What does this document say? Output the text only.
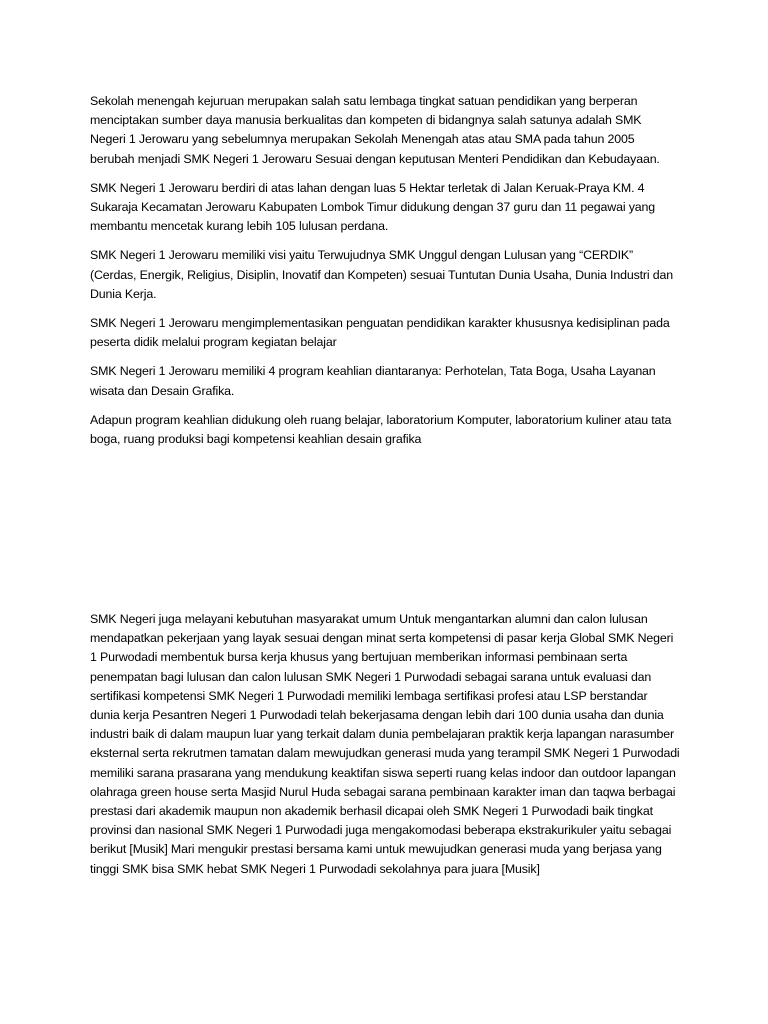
Sekolah menengah kejuruan merupakan salah satu lembaga tingkat satuan pendidikan yang berperan menciptakan sumber daya manusia berkualitas dan kompeten di bidangnya salah satunya adalah SMK Negeri 1 Jerowaru yang sebelumnya merupakan Sekolah Menengah atas atau SMA pada tahun 2005 berubah menjadi SMK Negeri 1 Jerowaru Sesuai dengan keputusan Menteri Pendidikan dan Kebudayaan.

SMK Negeri 1 Jerowaru berdiri di atas lahan dengan luas 5 Hektar terletak di Jalan Keruak-Praya KM. 4 Sukaraja Kecamatan Jerowaru Kabupaten Lombok Timur didukung dengan 37 guru dan 11 pegawai yang membantu mencetak kurang lebih 105 lulusan perdana.

SMK Negeri 1 Jerowaru memiliki visi yaitu Terwujudnya SMK Unggul dengan Lulusan yang “CERDIK” (Cerdas, Energik, Religius, Disiplin, Inovatif dan Kompeten) sesuai Tuntutan Dunia Usaha, Dunia Industri dan Dunia Kerja.

SMK Negeri 1 Jerowaru mengimplementasikan penguatan pendidikan karakter khususnya kedisiplinan pada peserta didik melalui program kegiatan belajar

SMK Negeri 1 Jerowaru memiliki 4 program keahlian diantaranya: Perhotelan, Tata Boga, Usaha Layanan wisata dan Desain Grafika.

Adapun program keahlian didukung oleh ruang belajar, laboratorium Komputer, laboratorium kuliner atau tata boga, ruang produksi bagi kompetensi keahlian desain grafika

SMK Negeri juga melayani kebutuhan masyarakat umum Untuk mengantarkan alumni dan calon lulusan mendapatkan pekerjaan yang layak sesuai dengan minat serta kompetensi di pasar kerja Global SMK Negeri 1 Purwodadi membentuk bursa kerja khusus yang bertujuan memberikan informasi pembinaan serta penempatan bagi lulusan dan calon lulusan SMK Negeri 1 Purwodadi sebagai sarana untuk evaluasi dan sertifikasi kompetensi SMK Negeri 1 Purwodadi memiliki lembaga sertifikasi profesi atau LSP berstandar dunia kerja Pesantren Negeri 1 Purwodadi telah bekerjasama dengan lebih dari 100 dunia usaha dan dunia industri baik di dalam maupun luar yang terkait dalam dunia pembelajaran praktik kerja lapangan narasumber eksternal serta rekrutmen tamatan dalam mewujudkan generasi muda yang terampil SMK Negeri 1 Purwodadi memiliki sarana prasarana yang mendukung keaktifan siswa seperti ruang kelas indoor dan outdoor lapangan olahraga green house serta Masjid Nurul Huda sebagai sarana pembinaan karakter iman dan taqwa berbagai prestasi dari akademik maupun non akademik berhasil dicapai oleh SMK Negeri 1 Purwodadi baik tingkat provinsi dan nasional SMK Negeri 1 Purwodadi juga mengakomodasi beberapa ekstrakurikuler yaitu sebagai berikut [Musik] Mari mengukir prestasi bersama kami untuk mewujudkan generasi muda yang berjasa yang tinggi SMK bisa SMK hebat SMK Negeri 1 Purwodadi sekolahnya para juara [Musik]
